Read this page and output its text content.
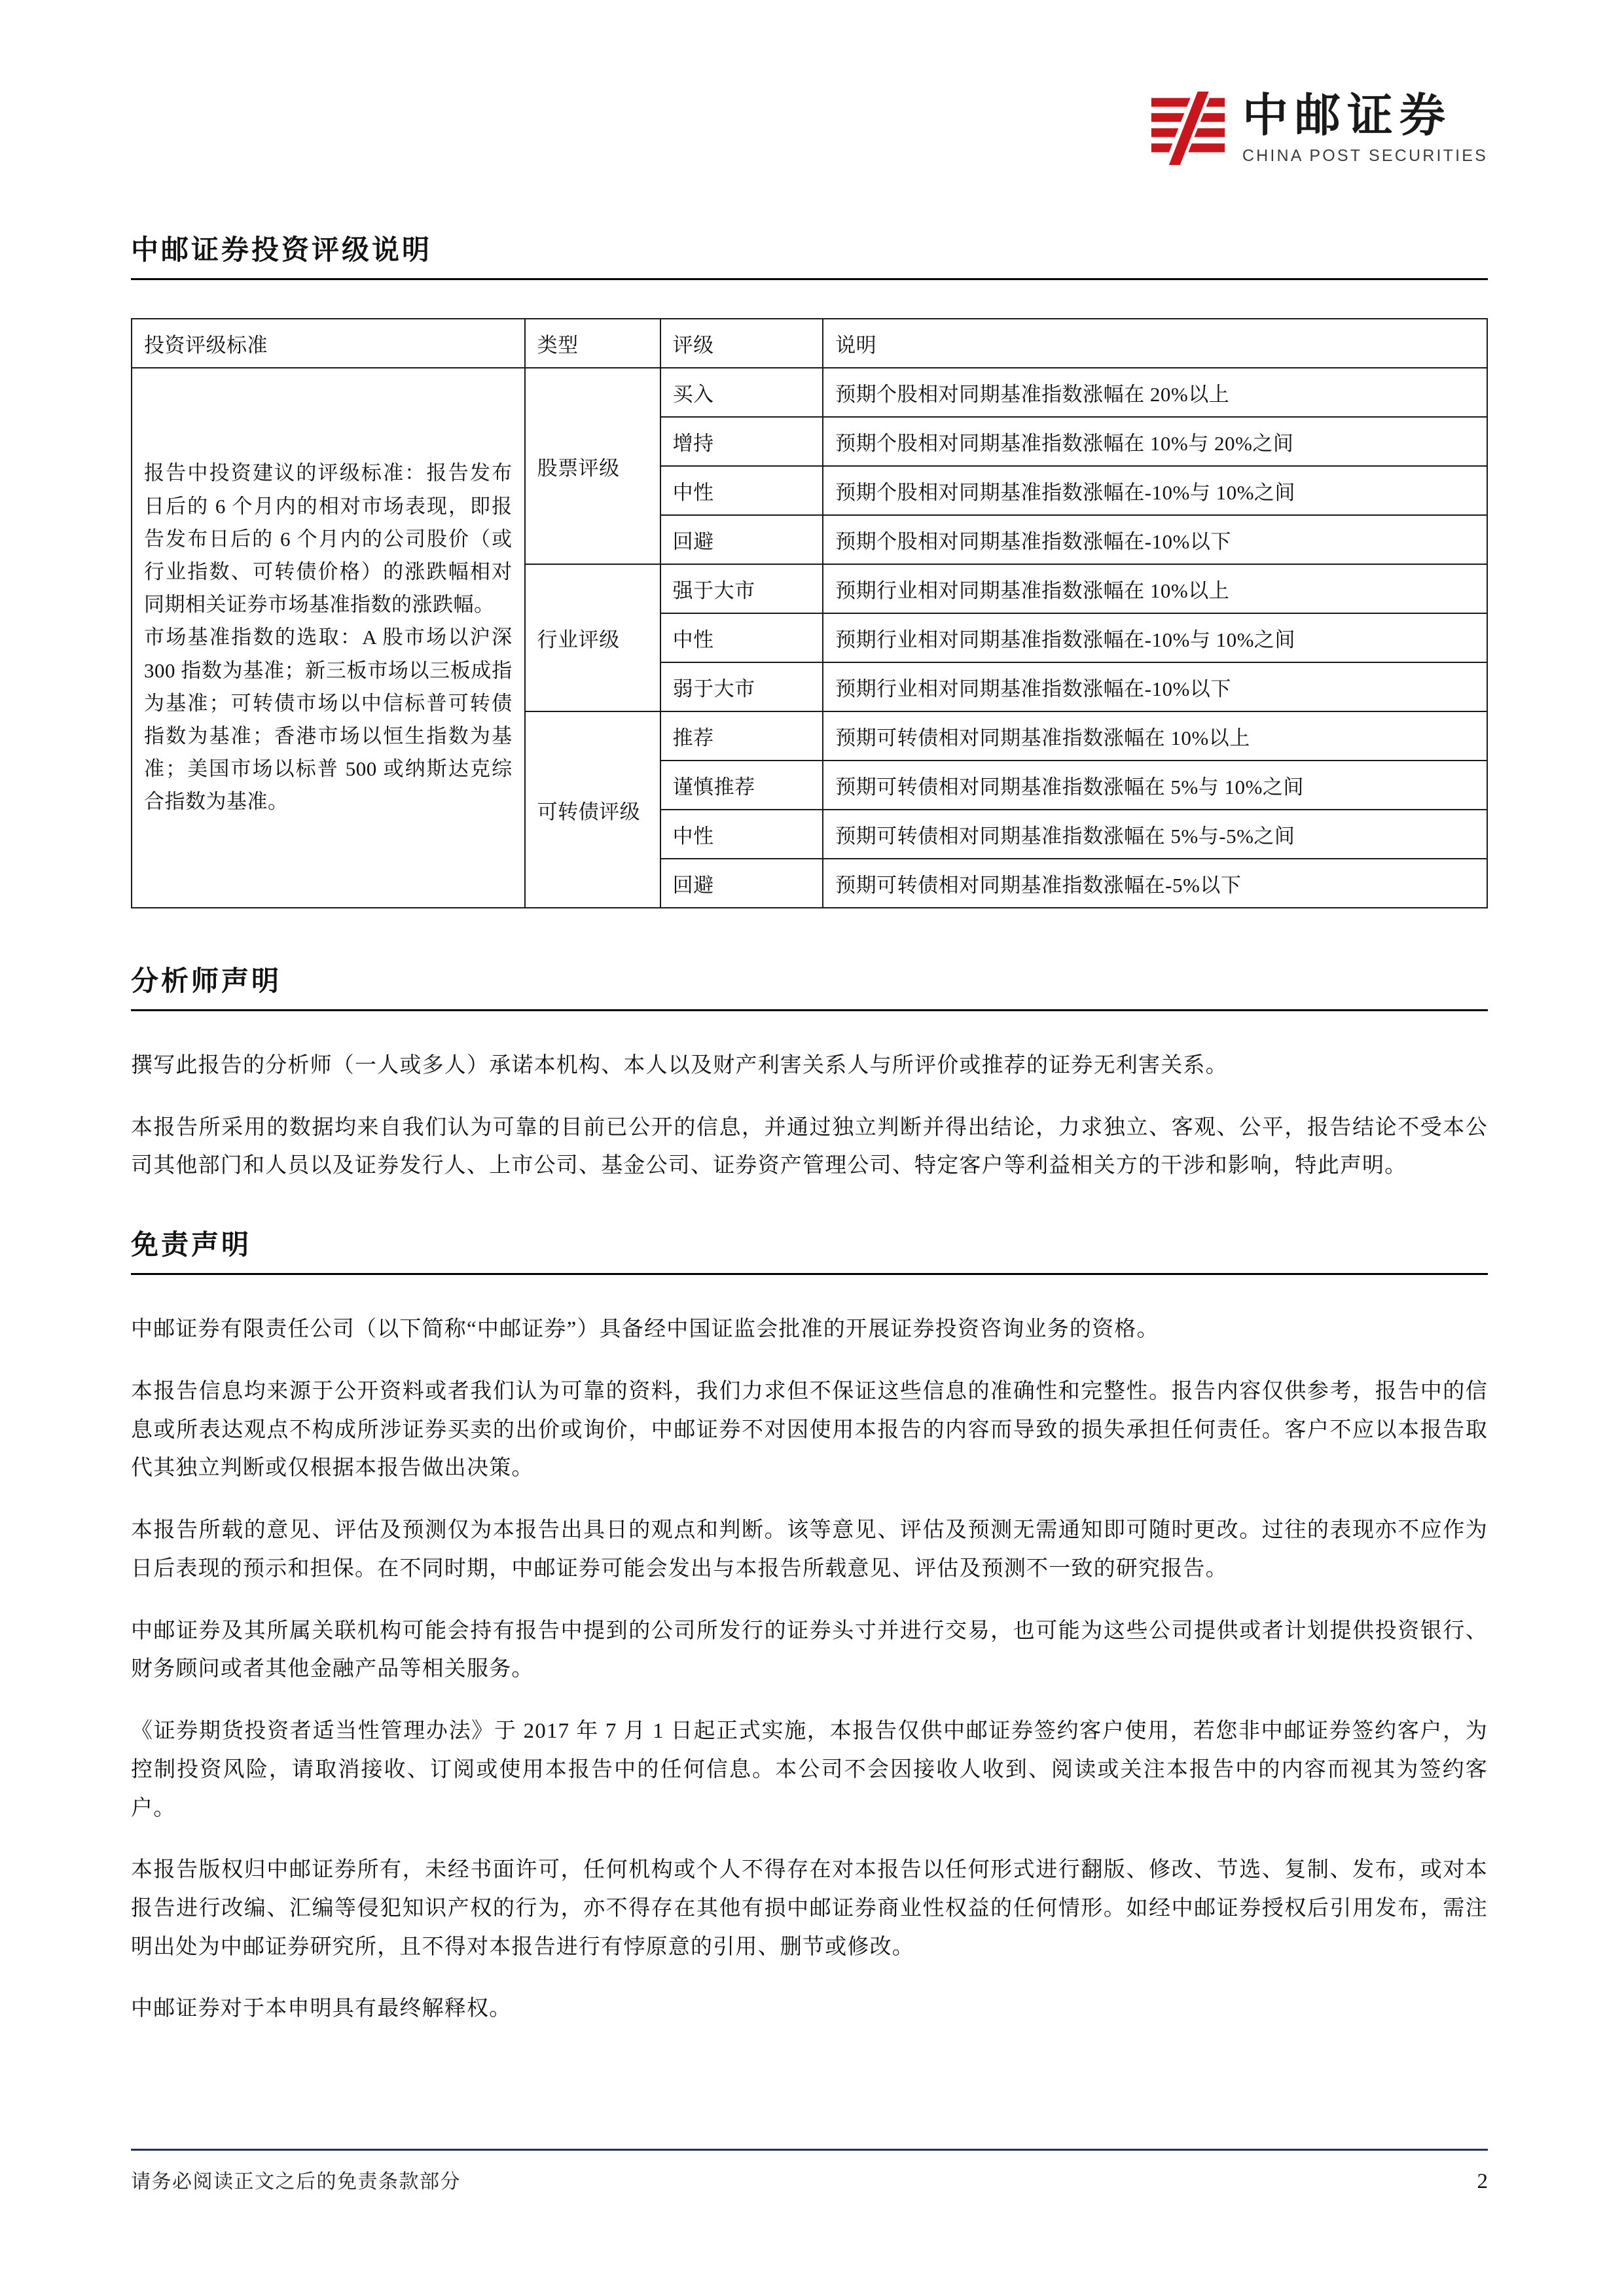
中邮证券
CHINA POST SECURITIES
中邮证券投资评级说明
投资评级标准	类型	评级	说明

报告中投资建议的评级标准：报告发布日后的 6 个月内的相对市场表现，即报告发布日后的 6 个月内的公司股价（或行业指数、可转债价格）的涨跌幅相对同期相关证券市场基准指数的涨跌幅。

市场基准指数的选取：A 股市场以沪深 300 指数为基准；新三板市场以三板成指为基准；可转债市场以中信标普可转债指数为基准；香港市场以恒生指数为基准；美国市场以标普 500 或纳斯达克综合指数为基准。	股票评级	买入	预期个股相对同期基准指数涨幅在 20%以上
		增持	预期个股相对同期基准指数涨幅在 10%与 20%之间
		中性	预期个股相对同期基准指数涨幅在-10%与 10%之间
		回避	预期个股相对同期基准指数涨幅在-10%以下
	行业评级	强于大市	预期行业相对同期基准指数涨幅在 10%以上
		中性	预期行业相对同期基准指数涨幅在-10%与 10%之间
		弱于大市	预期行业相对同期基准指数涨幅在-10%以下
	可转债评级	推荐	预期可转债相对同期基准指数涨幅在 10%以上
		谨慎推荐	预期可转债相对同期基准指数涨幅在 5%与 10%之间
		中性	预期可转债相对同期基准指数涨幅在 5%与-5%之间
		回避	预期可转债相对同期基准指数涨幅在-5%以下
分析师声明

撰写此报告的分析师（一人或多人）承诺本机构、本人以及财产利害关系人与所评价或推荐的证券无利害关系。

本报告所采用的数据均来自我们认为可靠的目前已公开的信息，并通过独立判断并得出结论，力求独立、客观、公平，报告结论不受本公司其他部门和人员以及证券发行人、上市公司、基金公司、证券资产管理公司、特定客户等利益相关方的干涉和影响，特此声明。

免责声明

中邮证券有限责任公司（以下简称“中邮证券”）具备经中国证监会批准的开展证券投资咨询业务的资格。

本报告信息均来源于公开资料或者我们认为可靠的资料，我们力求但不保证这些信息的准确性和完整性。报告内容仅供参考，报告中的信息或所表达观点不构成所涉证券买卖的出价或询价，中邮证券不对因使用本报告的内容而导致的损失承担任何责任。客户不应以本报告取代其独立判断或仅根据本报告做出决策。

本报告所载的意见、评估及预测仅为本报告出具日的观点和判断。该等意见、评估及预测无需通知即可随时更改。过往的表现亦不应作为日后表现的预示和担保。在不同时期，中邮证券可能会发出与本报告所载意见、评估及预测不一致的研究报告。

中邮证券及其所属关联机构可能会持有报告中提到的公司所发行的证券头寸并进行交易，也可能为这些公司提供或者计划提供投资银行、财务顾问或者其他金融产品等相关服务。

《证券期货投资者适当性管理办法》于 2017 年 7 月 1 日起正式实施，本报告仅供中邮证券签约客户使用，若您非中邮证券签约客户，为控制投资风险，请取消接收、订阅或使用本报告中的任何信息。本公司不会因接收人收到、阅读或关注本报告中的内容而视其为签约客户。

本报告版权归中邮证券所有，未经书面许可，任何机构或个人不得存在对本报告以任何形式进行翻版、修改、节选、复制、发布，或对本报告进行改编、汇编等侵犯知识产权的行为，亦不得存在其他有损中邮证券商业性权益的任何情形。如经中邮证券授权后引用发布，需注明出处为中邮证券研究所，且不得对本报告进行有悖原意的引用、删节或修改。

中邮证券对于本申明具有最终解释权。

请务必阅读正文之后的免责条款部分	2
